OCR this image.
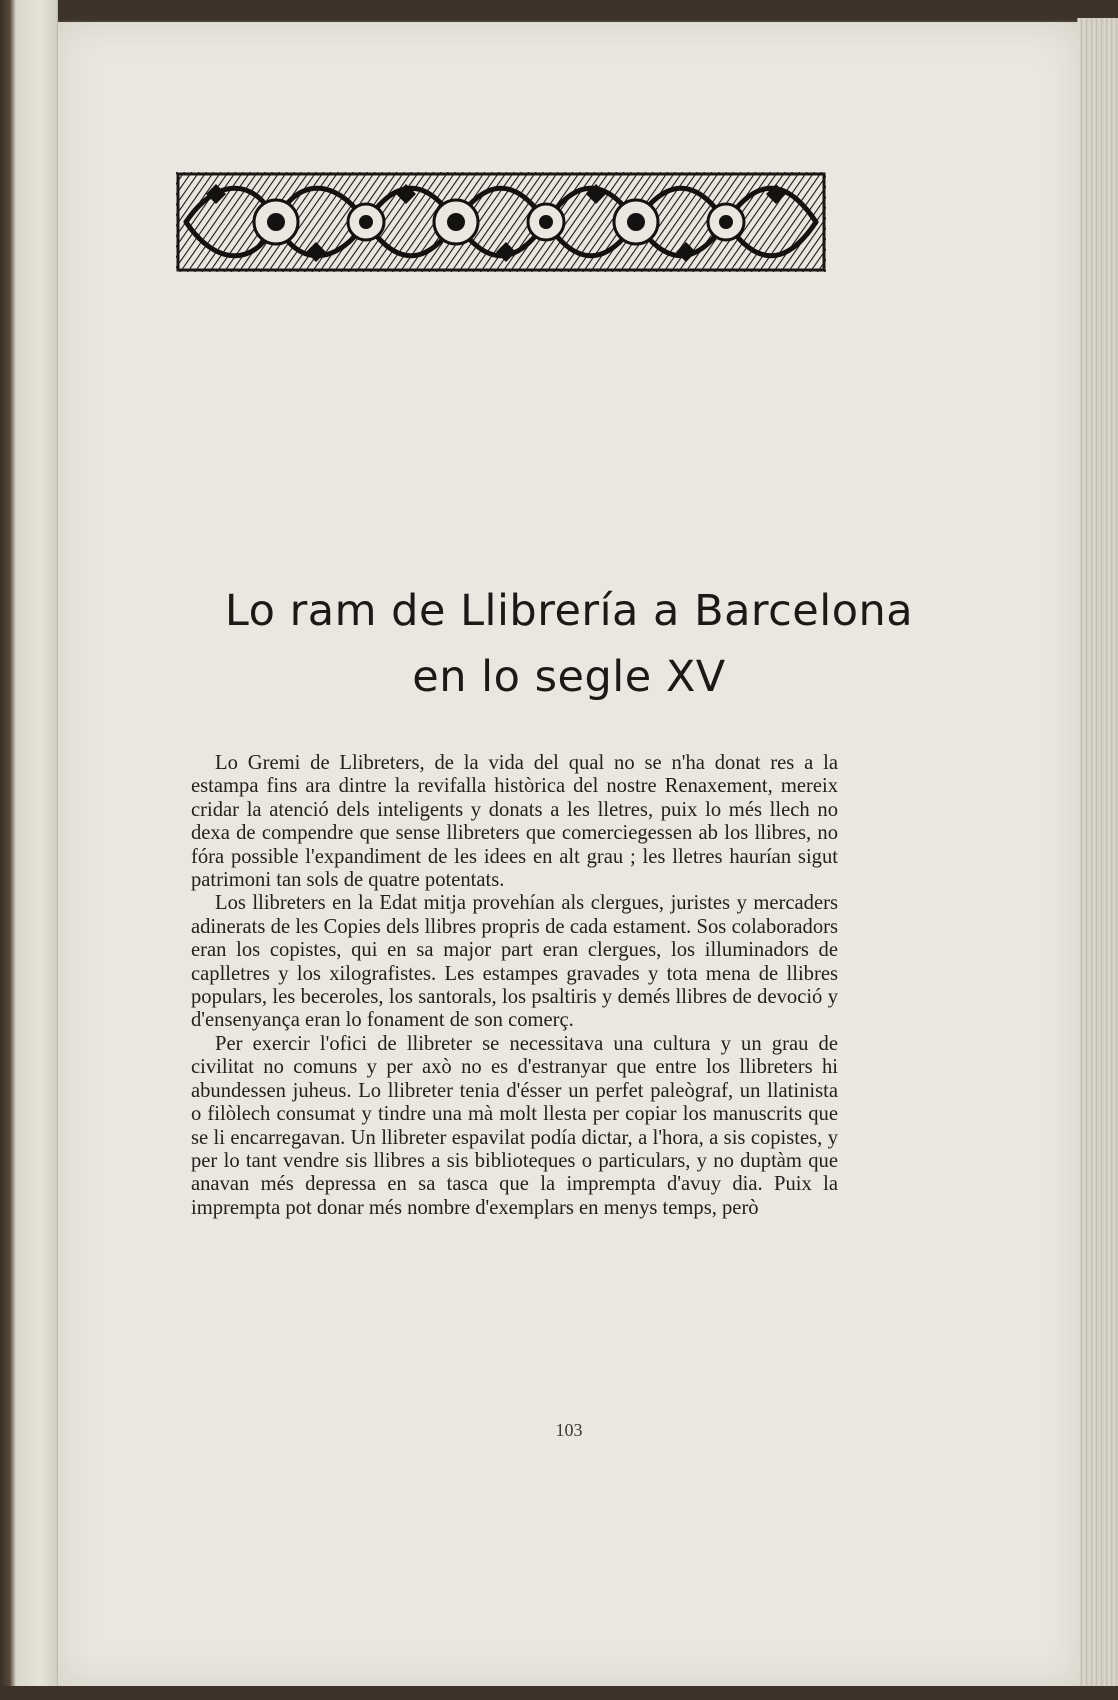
Lo ram de Llibrería a Barcelona
en lo segle XV

Lo Gremi de Llibreters, de la vida del qual no se n'ha donat res a la estampa fins ara dintre la revifalla històrica del nostre Renaxement, mereix cridar la atenció dels inteligents y donats a les lletres, puix lo més llech no dexa de compendre que sense llibreters que comerciegessen ab los llibres, no fóra possible l'expandiment de les idees en alt grau ; les lletres haurían sigut patrimoni tan sols de quatre potentats.

Los llibreters en la Edat mitja provehían als clergues, juristes y mercaders adinerats de les Copies dels llibres propris de cada estament. Sos colaboradors eran los copistes, qui en sa major part eran clergues, los illuminadors de caplletres y los xilografistes. Les estampes gravades y tota mena de llibres populars, les beceroles, los santorals, los psaltiris y demés llibres de devoció y d'ensenyança eran lo fonament de son comerç.

Per exercir l'ofici de llibreter se necessitava una cultura y un grau de civilitat no comuns y per axò no es d'estranyar que entre los llibreters hi abundessen juheus. Lo llibreter tenia d'ésser un perfet paleògraf, un llatinista o filòlech consumat y tindre una mà molt llesta per copiar los manuscrits que se li encarregavan. Un llibreter espavilat podía dictar, a l'hora, a sis copistes, y per lo tant vendre sis llibres a sis biblioteques o particulars, y no duptàm que anavan més depressa en sa tasca que la imprempta d'avuy dia. Puix la imprempta pot donar més nombre d'exemplars en menys temps, però

103
